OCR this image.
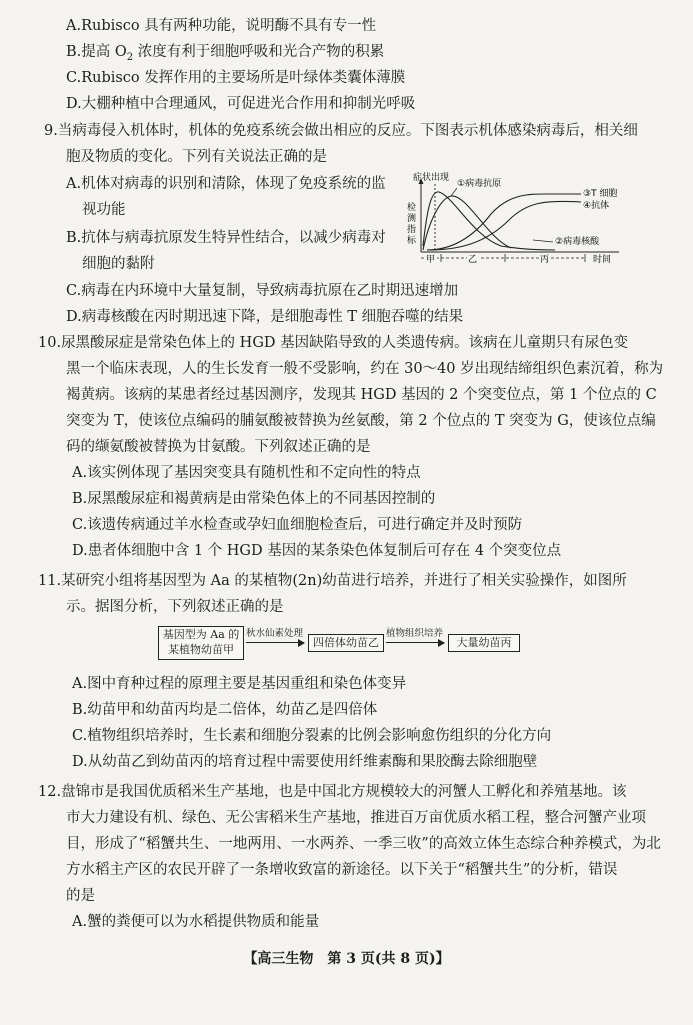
A.Rubisco 具有两种功能，说明酶不具有专一性
B.提高 $O_2$ 浓度有利于细胞呼吸和光合产物的积累
C.Rubisco 发挥作用的主要场所是叶绿体类囊体薄膜
D.大棚种植中合理通风，可促进光合作用和抑制光呼吸
9.当病毒侵入机体时，机体的免疫系统会做出相应的反应。下图表示机体感染病毒后，相关细
胞及物质的变化。下列有关说法正确的是
A.机体对病毒的识别和清除，体现了免疫系统的监
视功能
B.抗体与病毒抗原发生特异性结合，以减少病毒对
细胞的黏附
检
测
指
标
症状出现
①病毒抗原
③T 细胞
④抗体
②病毒核酸
甲	乙	丙	时间
C.病毒在内环境中大量复制，导致病毒抗原在乙时期迅速增加
D.病毒核酸在丙时期迅速下降，是细胞毒性 T 细胞吞噬的结果
10.尿黑酸尿症是常染色体上的 HGD 基因缺陷导致的人类遗传病。该病在儿童期只有尿色变
黑一个临床表现，人的生长发育一般不受影响，约在 30～40 岁出现结缔组织色素沉着，称为
褐黄病。该病的某患者经过基因测序，发现其 HGD 基因的 2 个突变位点，第 1 个位点的 C
突变为 T，使该位点编码的脯氨酸被替换为丝氨酸，第 2 个位点的 T 突变为 G，使该位点编
码的缬氨酸被替换为甘氨酸。下列叙述正确的是
A.该实例体现了基因突变具有随机性和不定向性的特点
B.尿黑酸尿症和褐黄病是由常染色体上的不同基因控制的
C.该遗传病通过羊水检查或孕妇血细胞检查后，可进行确定并及时预防
D.患者体细胞中含 1 个 HGD 基因的某条染色体复制后可存在 4 个突变位点
11.某研究小组将基因型为 Aa 的某植物(2n)幼苗进行培养，并进行了相关实验操作，如图所
示。据图分析，下列叙述正确的是
基因型为 Aa 的
某植物幼苗甲
秋水仙素处理
四倍体幼苗乙
植物组织培养
大量幼苗丙
A.图中育种过程的原理主要是基因重组和染色体变异
B.幼苗甲和幼苗丙均是二倍体，幼苗乙是四倍体
C.植物组织培养时，生长素和细胞分裂素的比例会影响愈伤组织的分化方向
D.从幼苗乙到幼苗丙的培育过程中需要使用纤维素酶和果胶酶去除细胞壁
12.盘锦市是我国优质稻米生产基地，也是中国北方规模较大的河蟹人工孵化和养殖基地。该
市大力建设有机、绿色、无公害稻米生产基地，推进百万亩优质水稻工程，整合河蟹产业项
目，形成了“稻蟹共生、一地两用、一水两养、一季三收”的高效立体生态综合种养模式，为北
方水稻主产区的农民开辟了一条增收致富的新途径。以下关于“稻蟹共生”的分析，错误
的是
A.蟹的粪便可以为水稻提供物质和能量
【高三生物　第 3 页(共 8 页)】
